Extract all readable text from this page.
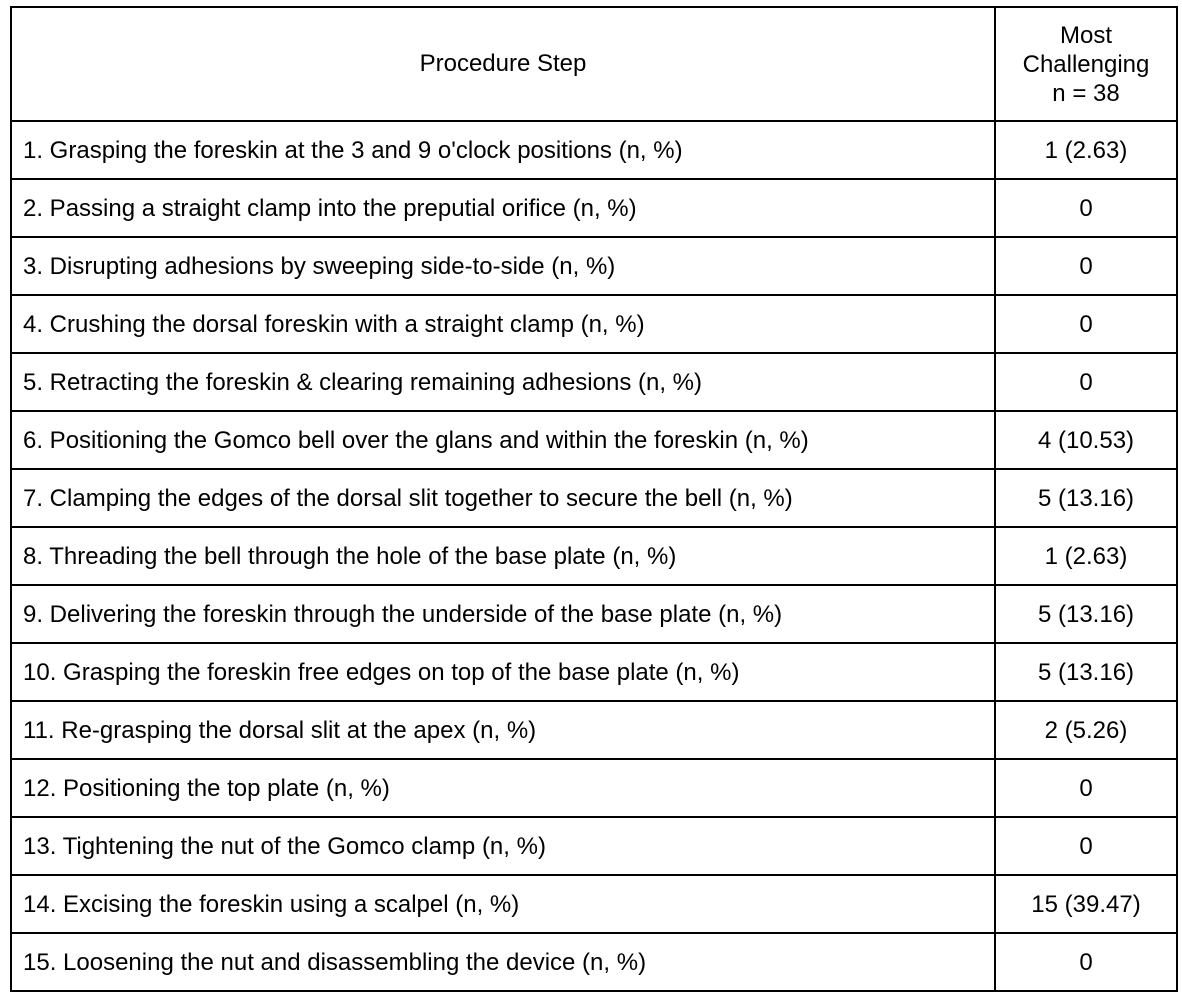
Procedure Step	Most
Challenging
n = 38

1. Grasping the foreskin at the 3 and 9 o'clock positions (n, %)	1 (2.63)
2. Passing a straight clamp into the preputial orifice (n, %)	0
3. Disrupting adhesions by sweeping side-to-side (n, %)	0
4. Crushing the dorsal foreskin with a straight clamp (n, %)	0
5. Retracting the foreskin & clearing remaining adhesions (n, %)	0
6. Positioning the Gomco bell over the glans and within the foreskin (n, %)	4 (10.53)
7. Clamping the edges of the dorsal slit together to secure the bell (n, %)	5 (13.16)
8. Threading the bell through the hole of the base plate (n, %)	1 (2.63)
9. Delivering the foreskin through the underside of the base plate (n, %)	5 (13.16)
10. Grasping the foreskin free edges on top of the base plate (n, %)	5 (13.16)
11. Re-grasping the dorsal slit at the apex (n, %)	2 (5.26)
12. Positioning the top plate (n, %)	0
13. Tightening the nut of the Gomco clamp (n, %)	0
14. Excising the foreskin using a scalpel (n, %)	15 (39.47)
15. Loosening the nut and disassembling the device (n, %)	0
